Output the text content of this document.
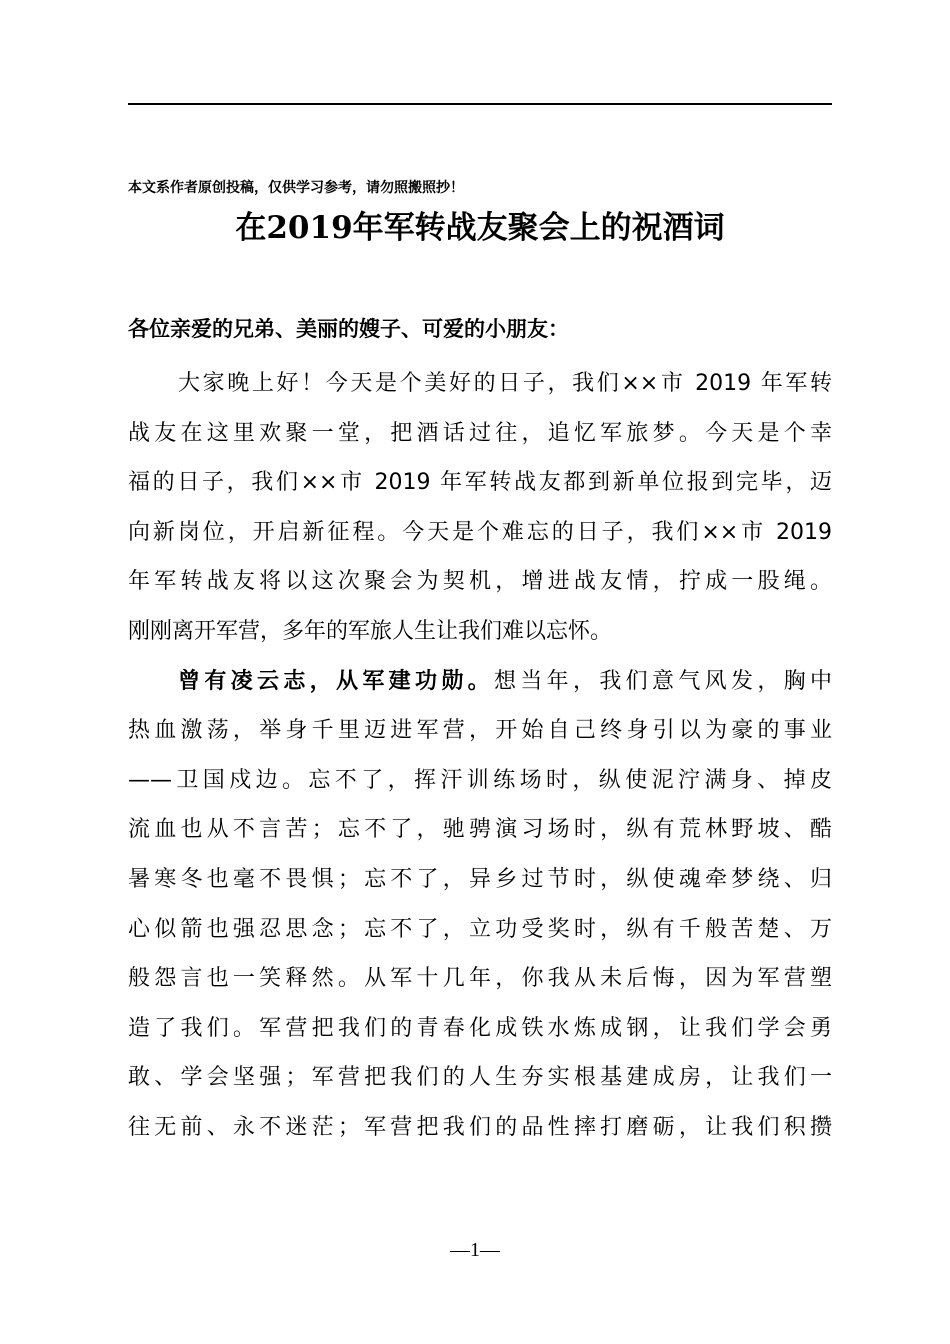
本文系作者原创投稿，仅供学习参考，请勿照搬照抄！
在2019年军转战友聚会上的祝酒词
各位亲爱的兄弟、美丽的嫂子、可爱的小朋友：
大家晚上好！今天是个美好的日子，我们××市 2019 年军转
战友在这里欢聚一堂，把酒话过往，追忆军旅梦。今天是个幸
福的日子，我们××市 2019 年军转战友都到新单位报到完毕，迈
向新岗位，开启新征程。今天是个难忘的日子，我们××市 2019
年军转战友将以这次聚会为契机，增进战友情，拧成一股绳。
刚刚离开军营，多年的军旅人生让我们难以忘怀。
曾有凌云志，从军建功勋。想当年，我们意气风发，胸中
热血激荡，举身千里迈进军营，开始自己终身引以为豪的事业
——卫国戍边。忘不了，挥汗训练场时，纵使泥泞满身、掉皮
流血也从不言苦；忘不了，驰骋演习场时，纵有荒林野坡、酷
暑寒冬也毫不畏惧；忘不了，异乡过节时，纵使魂牵梦绕、归
心似箭也强忍思念；忘不了，立功受奖时，纵有千般苦楚、万
般怨言也一笑释然。从军十几年，你我从未后悔，因为军营塑
造了我们。军营把我们的青春化成铁水炼成钢，让我们学会勇
敢、学会坚强；军营把我们的人生夯实根基建成房，让我们一
往无前、永不迷茫；军营把我们的品性摔打磨砺，让我们积攒
—1—
